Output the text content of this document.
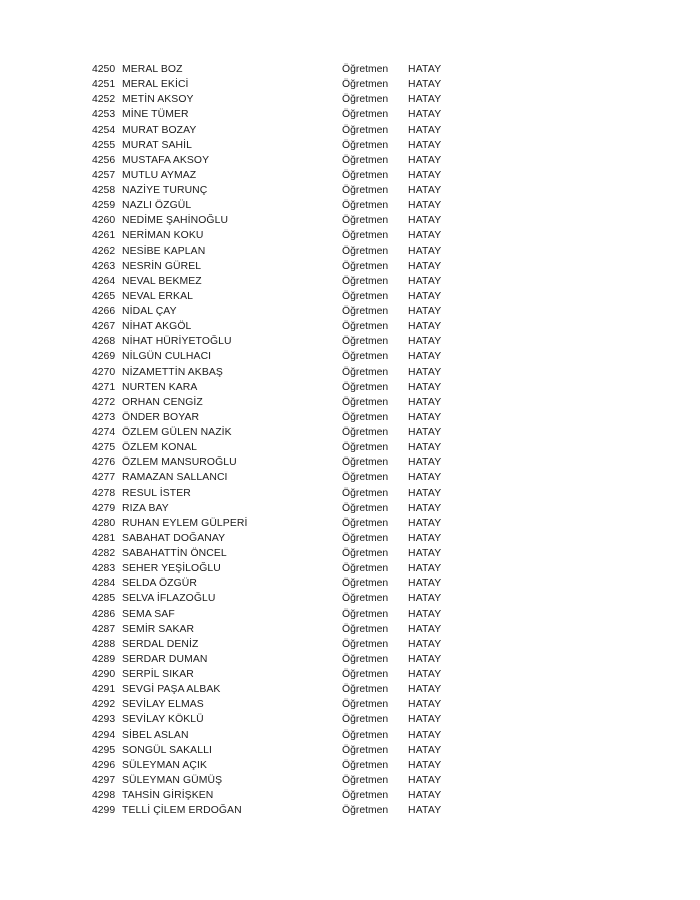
4250 MERAL BOZ	Öğretmen HATAY
4251 MERAL EKİCİ	Öğretmen HATAY
4252 METİN AKSOY	Öğretmen HATAY
4253 MİNE TÜMER	Öğretmen HATAY
4254 MURAT BOZAY	Öğretmen HATAY
4255 MURAT SAHİL	Öğretmen HATAY
4256 MUSTAFA AKSOY	Öğretmen HATAY
4257 MUTLU AYMAZ	Öğretmen HATAY
4258 NAZİYE TURUNÇ	Öğretmen HATAY
4259 NAZLI ÖZGÜL	Öğretmen HATAY
4260 NEDİME ŞAHİNOĞLU	Öğretmen HATAY
4261 NERİMAN KOKU	Öğretmen HATAY
4262 NESİBE KAPLAN	Öğretmen HATAY
4263 NESRİN GÜREL	Öğretmen HATAY
4264 NEVAL BEKMEZ	Öğretmen HATAY
4265 NEVAL ERKAL	Öğretmen HATAY
4266 NİDAL ÇAY	Öğretmen HATAY
4267 NİHAT AKGÖL	Öğretmen HATAY
4268 NİHAT HÜRİYETOĞLU	Öğretmen HATAY
4269 NİLGÜN CULHACI	Öğretmen HATAY
4270 NİZAMETTİN AKBAŞ	Öğretmen HATAY
4271 NURTEN KARA	Öğretmen HATAY
4272 ORHAN CENGİZ	Öğretmen HATAY
4273 ÖNDER BOYAR	Öğretmen HATAY
4274 ÖZLEM GÜLEN NAZİK	Öğretmen HATAY
4275 ÖZLEM KONAL	Öğretmen HATAY
4276 ÖZLEM MANSUROĞLU	Öğretmen HATAY
4277 RAMAZAN SALLANCI	Öğretmen HATAY
4278 RESUL İSTER	Öğretmen HATAY
4279 RIZA BAY	Öğretmen HATAY
4280 RUHAN EYLEM GÜLPERİ	Öğretmen HATAY
4281 SABAHAT DOĞANAY	Öğretmen HATAY
4282 SABAHATTİN ÖNCEL	Öğretmen HATAY
4283 SEHER YEŞİLOĞLU	Öğretmen HATAY
4284 SELDA ÖZGÜR	Öğretmen HATAY
4285 SELVA İFLAZOĞLU	Öğretmen HATAY
4286 SEMA SAF	Öğretmen HATAY
4287 SEMİR SAKAR	Öğretmen HATAY
4288 SERDAL DENİZ	Öğretmen HATAY
4289 SERDAR DUMAN	Öğretmen HATAY
4290 SERPİL SIKAR	Öğretmen HATAY
4291 SEVGİ PAŞA ALBAK	Öğretmen HATAY
4292 SEVİLAY ELMAS	Öğretmen HATAY
4293 SEVİLAY KÖKLÜ	Öğretmen HATAY
4294 SİBEL ASLAN	Öğretmen HATAY
4295 SONGÜL SAKALLI	Öğretmen HATAY
4296 SÜLEYMAN AÇIK	Öğretmen HATAY
4297 SÜLEYMAN GÜMÜŞ	Öğretmen HATAY
4298 TAHSİN GİRİŞKEN	Öğretmen HATAY
4299 TELLİ ÇİLEM ERDOĞAN	Öğretmen HATAY
